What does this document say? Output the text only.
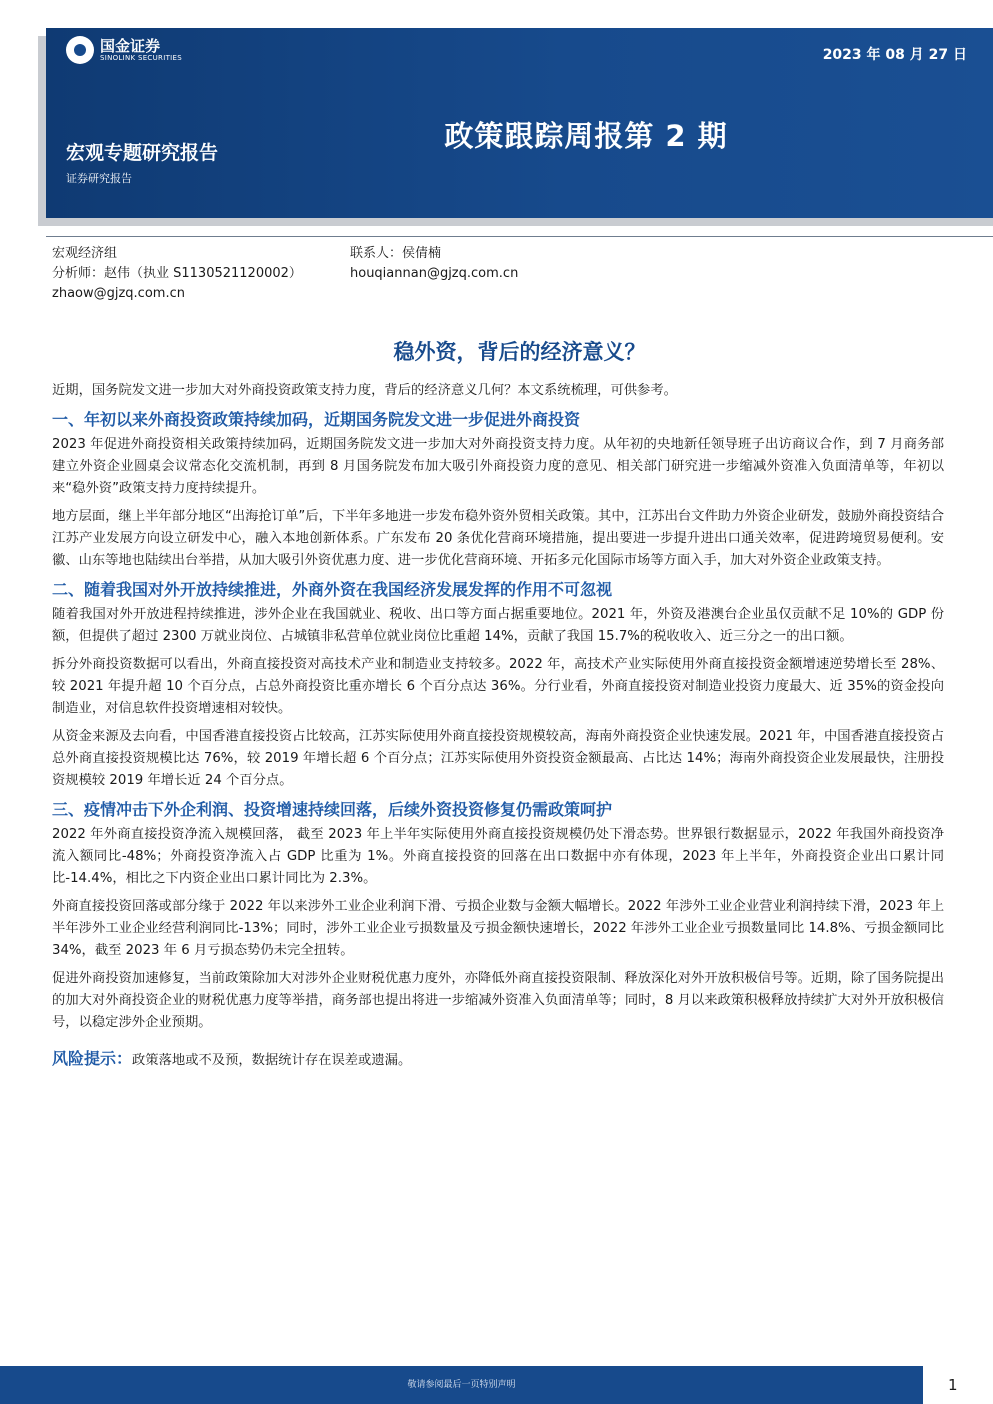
国金证券
SINOLINK SECURITIES	2023 年 08 月 27 日
政策跟踪周报第 2 期
宏观专题研究报告
证券研究报告
宏观经济组
分析师：赵伟（执业 S1130521120002）
zhaow@gjzq.com.cn
联系人：侯倩楠
houqiannan@gjzq.com.cn
稳外资，背后的经济意义？

近期，国务院发文进一步加大对外商投资政策支持力度，背后的经济意义几何？本文系统梳理，可供参考。

一、年初以来外商投资政策持续加码，近期国务院发文进一步促进外商投资

2023 年促进外商投资相关政策持续加码，近期国务院发文进一步加大对外商投资支持力度。从年初的央地新任领导班子出访商议合作，到 7 月商务部建立外资企业圆桌会议常态化交流机制，再到 8 月国务院发布加大吸引外商投资力度的意见、相关部门研究进一步缩减外资准入负面清单等，年初以来“稳外资”政策支持力度持续提升。

地方层面，继上半年部分地区“出海抢订单”后，下半年多地进一步发布稳外资外贸相关政策。其中，江苏出台文件助力外资企业研发，鼓励外商投资结合江苏产业发展方向设立研发中心，融入本地创新体系。广东发布 20 条优化营商环境措施，提出要进一步提升进出口通关效率，促进跨境贸易便利。安徽、山东等地也陆续出台举措，从加大吸引外资优惠力度、进一步优化营商环境、开拓多元化国际市场等方面入手，加大对外资企业政策支持。

二、随着我国对外开放持续推进，外商外资在我国经济发展发挥的作用不可忽视

随着我国对外开放进程持续推进，涉外企业在我国就业、税收、出口等方面占据重要地位。2021 年，外资及港澳台企业虽仅贡献不足 10%的 GDP 份额，但提供了超过 2300 万就业岗位、占城镇非私营单位就业岗位比重超 14%，贡献了我国 15.7%的税收收入、近三分之一的出口额。

拆分外商投资数据可以看出，外商直接投资对高技术产业和制造业支持较多。2022 年，高技术产业实际使用外商直接投资金额增速逆势增长至 28%、较 2021 年提升超 10 个百分点，占总外商投资比重亦增长 6 个百分点达 36%。分行业看，外商直接投资对制造业投资力度最大、近 35%的资金投向制造业，对信息软件投资增速相对较快。

从资金来源及去向看，中国香港直接投资占比较高，江苏实际使用外商直接投资规模较高，海南外商投资企业快速发展。2021 年，中国香港直接投资占总外商直接投资规模比达 76%，较 2019 年增长超 6 个百分点；江苏实际使用外资投资金额最高、占比达 14%；海南外商投资企业发展最快，注册投资规模较 2019 年增长近 24 个百分点。

三、疫情冲击下外企利润、投资增速持续回落，后续外资投资修复仍需政策呵护

2022 年外商直接投资净流入规模回落， 截至 2023 年上半年实际使用外商直接投资规模仍处下滑态势。世界银行数据显示，2022 年我国外商投资净流入额同比-48%；外商投资净流入占 GDP 比重为 1%。外商直接投资的回落在出口数据中亦有体现，2023 年上半年，外商投资企业出口累计同比-14.4%，相比之下内资企业出口累计同比为 2.3%。

外商直接投资回落或部分缘于 2022 年以来涉外工业企业利润下滑、亏损企业数与金额大幅增长。2022 年涉外工业企业营业利润持续下滑，2023 年上半年涉外工业企业经营利润同比-13%；同时，涉外工业企业亏损数量及亏损金额快速增长，2022 年涉外工业企业亏损数量同比 14.8%、亏损金额同比 34%，截至 2023 年 6 月亏损态势仍未完全扭转。

促进外商投资加速修复，当前政策除加大对涉外企业财税优惠力度外，亦降低外商直接投资限制、释放深化对外开放积极信号等。近期，除了国务院提出的加大对外商投资企业的财税优惠力度等举措，商务部也提出将进一步缩减外资准入负面清单等；同时，8 月以来政策积极释放持续扩大对外开放积极信号，以稳定涉外企业预期。

风险提示：政策落地或不及预，数据统计存在误差或遗漏。
敬请参阅最后一页特别声明	1
